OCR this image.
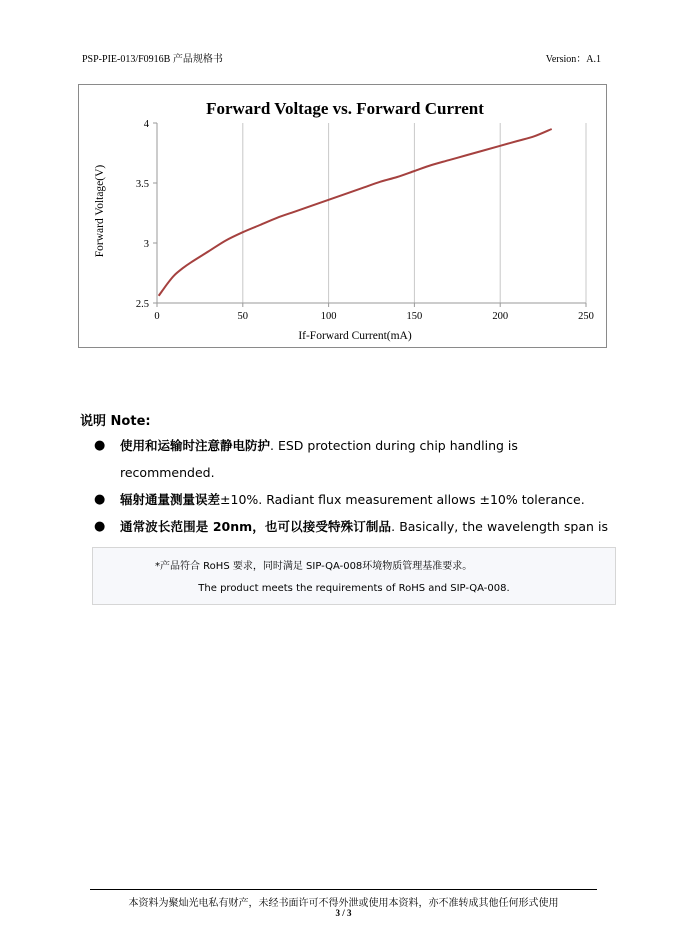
PSP-PIE-013/F0916B 产品规格书	Version：A.1
Forward Voltage vs. Forward Current
2.5
3
3.5
4
0	50	100	150	200	250
If-Forward Current(mA)
Forward Voltage(V)
说明 Note:
● 使用和运输时注意静电防护. ESD protection during chip handling is recommended.
● 辐射通量测量误差±10%. Radiant flux measurement allows ±10% tolerance.
● 通常波长范围是 20nm，也可以接受特殊订制品. Basically, the wavelength span is
*产品符合 RoHS 要求，同时满足 SIP-QA-008环境物质管理基准要求。
The product meets the requirements of RoHS and SIP-QA-008.
本资料为聚灿光电私有财产，未经书面许可不得外泄或使用本资料，亦不准转成其他任何形式使用
3 / 3
